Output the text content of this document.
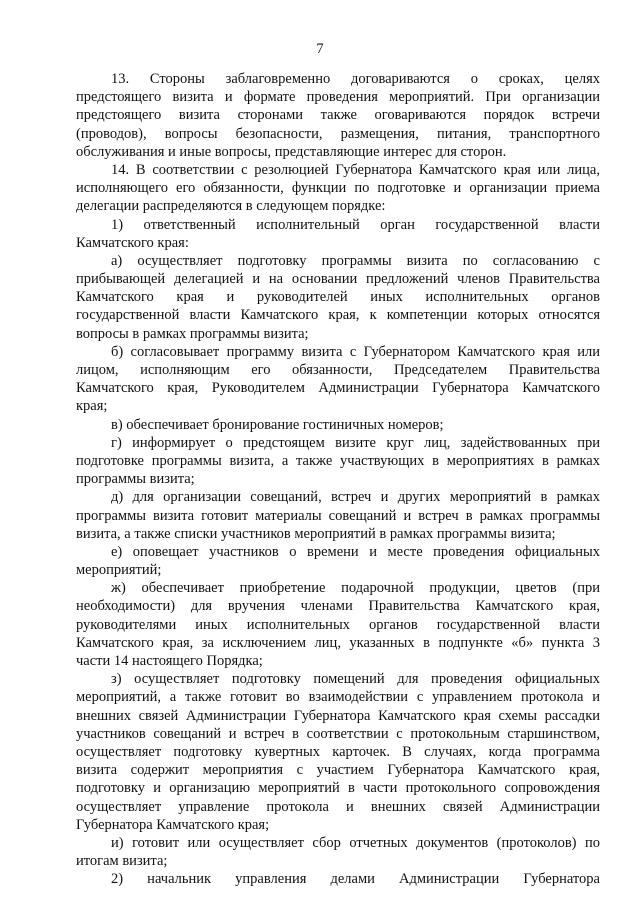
7
13. Стороны заблаговременно договариваются о сроках, целях
предстоящего визита и формате проведения мероприятий. При организации
предстоящего визита сторонами также оговариваются порядок встречи
(проводов), вопросы безопасности, размещения, питания, транспортного
обслуживания и иные вопросы, представляющие интерес для сторон.
14. В соответствии с резолюцией Губернатора Камчатского края или лица,
исполняющего его обязанности, функции по подготовке и организации приема
делегации распределяются в следующем порядке:
1) ответственный исполнительный орган государственной власти
Камчатского края:
а) осуществляет подготовку программы визита по согласованию с
прибывающей делегацией и на основании предложений членов Правительства
Камчатского края и руководителей иных исполнительных органов
государственной власти Камчатского края, к компетенции которых относятся
вопросы в рамках программы визита;
б) согласовывает программу визита с Губернатором Камчатского края или
лицом, исполняющим его обязанности, Председателем Правительства
Камчатского края, Руководителем Администрации Губернатора Камчатского
края;
в) обеспечивает бронирование гостиничных номеров;
г) информирует о предстоящем визите круг лиц, задействованных при
подготовке программы визита, а также участвующих в мероприятиях в рамках
программы визита;
д) для организации совещаний, встреч и других мероприятий в рамках
программы визита готовит материалы совещаний и встреч в рамках программы
визита, а также списки участников мероприятий в рамках программы визита;
е) оповещает участников о времени и месте проведения официальных
мероприятий;
ж) обеспечивает приобретение подарочной продукции, цветов (при
необходимости) для вручения членами Правительства Камчатского края,
руководителями иных исполнительных органов государственной власти
Камчатского края, за исключением лиц, указанных в подпункте «б» пункта 3
части 14 настоящего Порядка;
з) осуществляет подготовку помещений для проведения официальных
мероприятий, а также готовит во взаимодействии с управлением протокола и
внешних связей Администрации Губернатора Камчатского края схемы рассадки
участников совещаний и встреч в соответствии с протокольным старшинством,
осуществляет подготовку кувертных карточек. В случаях, когда программа
визита содержит мероприятия с участием Губернатора Камчатского края,
подготовку и организацию мероприятий в части протокольного сопровождения
осуществляет управление протокола и внешних связей Администрации
Губернатора Камчатского края;
и) готовит или осуществляет сбор отчетных документов (протоколов) по
итогам визита;
2) начальник управления делами Администрации Губернатора
